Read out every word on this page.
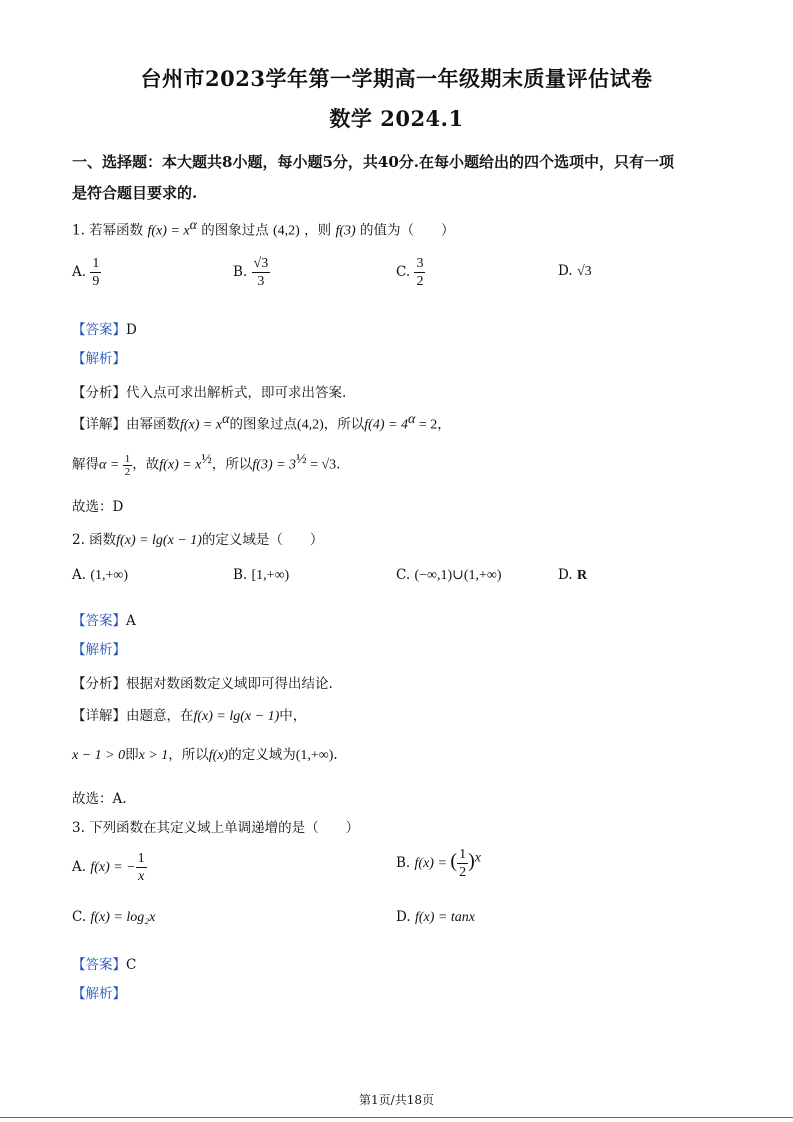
台州市2023学年第一学期高一年级期末质量评估试卷
数学 2024.1
一、选择题：本大题共8小题，每小题5分，共40分.在每小题给出的四个选项中，只有一项
是符合题目要求的.
1. 若幂函数 $f(x) = x^\alpha$ 的图象过点 (4,2) ，则 f(3) 的值为（　　）
A. $\frac{1}{9}$	B. $\frac{√3}{3}$	C. $\frac{3}{2}$	D. √3
【答案】D
【解析】
【分析】代入点可求出解析式，即可求出答案.
【详解】由幂函数$f(x) = x^\alpha$的图象过点(4,2)，所以$f(4) = 4^\alpha = 2$，
解得$\alpha = \frac{1}{2}$ ，故$f(x) = x^{\frac{1}{2}}$，所以$f(3) = 3^{\frac{1}{2}} = √3$.
故选：D
2. 函数f(x) = lg(x − 1)的定义域是（　　）
A. (1,+∞)	B. [1,+∞)	C. (−∞,1)∪(1,+∞)	D. R
【答案】A
【解析】
【分析】根据对数函数定义域即可得出结论.
【详解】由题意，在f(x) = lg(x − 1)中，
x − 1 > 0即x > 1，所以f(x)的定义域为(1,+∞).
故选：A.
3. 下列函数在其定义域上单调递增的是（　　）
A. f(x) = − $\frac{1}{x}$	B. f(x) = ( $\frac{1}{2} )^x$
C. f(x) = log₂x	D. f(x) = tanx
【答案】C
【解析】
第1页/共18页
